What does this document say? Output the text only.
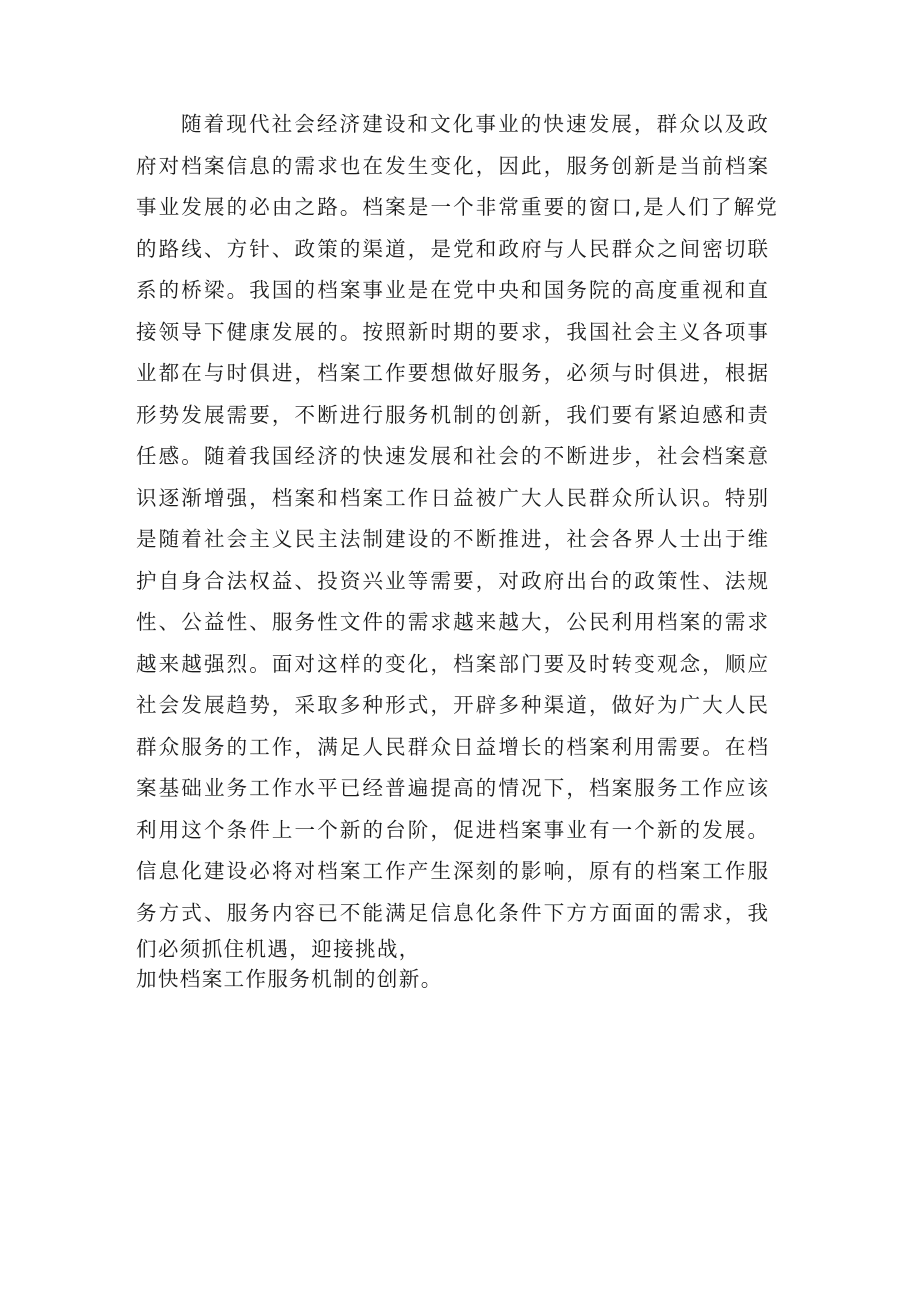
随着现代社会经济建设和文化事业的快速发展，群众以及政
府对档案信息的需求也在发生变化，因此，服务创新是当前档案
事业发展的必由之路。档案是一个非常重要的窗口,是人们了解党
的路线、方针、政策的渠道，是党和政府与人民群众之间密切联
系的桥梁。我国的档案事业是在党中央和国务院的高度重视和直
接领导下健康发展的。按照新时期的要求，我国社会主义各项事
业都在与时俱进，档案工作要想做好服务，必须与时俱进，根据
形势发展需要，不断进行服务机制的创新，我们要有紧迫感和责
任感。随着我国经济的快速发展和社会的不断进步，社会档案意
识逐渐增强，档案和档案工作日益被广大人民群众所认识。特别
是随着社会主义民主法制建设的不断推进，社会各界人士出于维
护自身合法权益、投资兴业等需要，对政府出台的政策性、法规
性、公益性、服务性文件的需求越来越大，公民利用档案的需求
越来越强烈。面对这样的变化，档案部门要及时转变观念，顺应
社会发展趋势，采取多种形式，开辟多种渠道，做好为广大人民
群众服务的工作，满足人民群众日益增长的档案利用需要。在档
案基础业务工作水平已经普遍提高的情况下，档案服务工作应该
利用这个条件上一个新的台阶，促进档案事业有一个新的发展。
信息化建设必将对档案工作产生深刻的影响，原有的档案工作服
务方式、服务内容已不能满足信息化条件下方方面面的需求，我
们必须抓住机遇，迎接挑战，
加快档案工作服务机制的创新。
